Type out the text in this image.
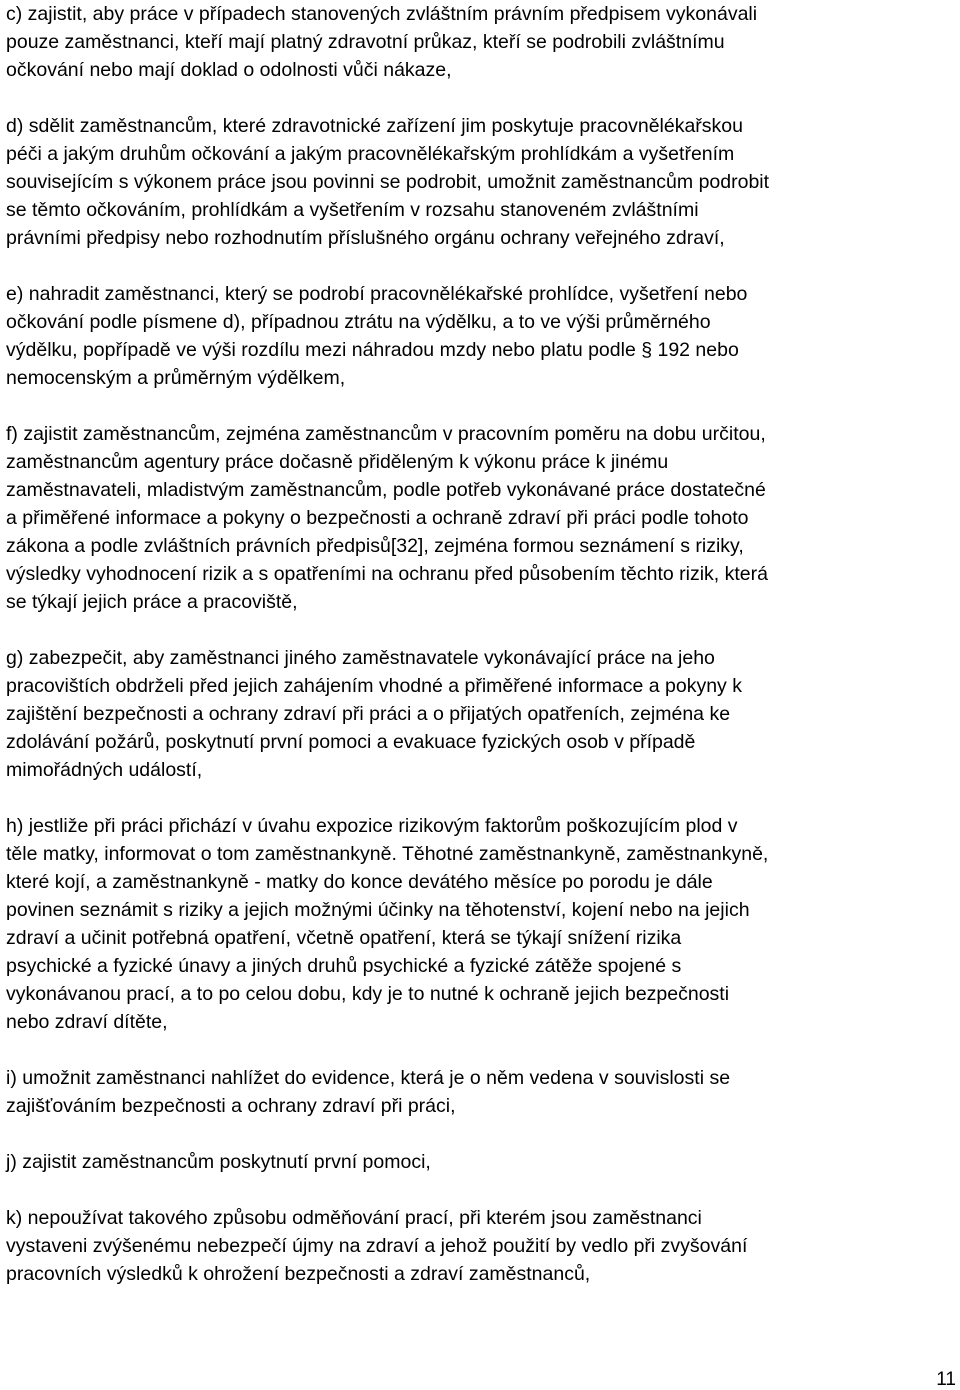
c) zajistit, aby práce v případech stanovených zvláštním právním předpisem vykonávali
pouze zaměstnanci, kteří mají platný zdravotní průkaz, kteří se podrobili zvláštnímu
očkování nebo mají doklad o odolnosti vůči nákaze,

d) sdělit zaměstnancům, které zdravotnické zařízení jim poskytuje pracovnělékařskou
péči a jakým druhům očkování a jakým pracovnělékařským prohlídkám a vyšetřením
souvisejícím s výkonem práce jsou povinni se podrobit, umožnit zaměstnancům podrobit
se těmto očkováním, prohlídkám a vyšetřením v rozsahu stanoveném zvláštními
právními předpisy nebo rozhodnutím příslušného orgánu ochrany veřejného zdraví,

e) nahradit zaměstnanci, který se podrobí pracovnělékařské prohlídce, vyšetření nebo
očkování podle písmene d), případnou ztrátu na výdělku, a to ve výši průměrného
výdělku, popřípadě ve výši rozdílu mezi náhradou mzdy nebo platu podle § 192 nebo
nemocenským a průměrným výdělkem,

f) zajistit zaměstnancům, zejména zaměstnancům v pracovním poměru na dobu určitou,
zaměstnancům agentury práce dočasně přiděleným k výkonu práce k jinému
zaměstnavateli, mladistvým zaměstnancům, podle potřeb vykonávané práce dostatečné
a přiměřené informace a pokyny o bezpečnosti a ochraně zdraví při práci podle tohoto
zákona a podle zvláštních právních předpisů[32], zejména formou seznámení s riziky,
výsledky vyhodnocení rizik a s opatřeními na ochranu před působením těchto rizik, která
se týkají jejich práce a pracoviště,

g) zabezpečit, aby zaměstnanci jiného zaměstnavatele vykonávající práce na jeho
pracovištích obdrželi před jejich zahájením vhodné a přiměřené informace a pokyny k
zajištění bezpečnosti a ochrany zdraví při práci a o přijatých opatřeních, zejména ke
zdolávání požárů, poskytnutí první pomoci a evakuace fyzických osob v případě
mimořádných událostí,

h) jestliže při práci přichází v úvahu expozice rizikovým faktorům poškozujícím plod v
těle matky, informovat o tom zaměstnankyně. Těhotné zaměstnankyně, zaměstnankyně,
které kojí, a zaměstnankyně - matky do konce devátého měsíce po porodu je dále
povinen seznámit s riziky a jejich možnými účinky na těhotenství, kojení nebo na jejich
zdraví a učinit potřebná opatření, včetně opatření, která se týkají snížení rizika
psychické a fyzické únavy a jiných druhů psychické a fyzické zátěže spojené s
vykonávanou prací, a to po celou dobu, kdy je to nutné k ochraně jejich bezpečnosti
nebo zdraví dítěte,

i) umožnit zaměstnanci nahlížet do evidence, která je o něm vedena v souvislosti se
zajišťováním bezpečnosti a ochrany zdraví při práci,

j) zajistit zaměstnancům poskytnutí první pomoci,

k) nepoužívat takového způsobu odměňování prací, při kterém jsou zaměstnanci
vystaveni zvýšenému nebezpečí újmy na zdraví a jehož použití by vedlo při zvyšování
pracovních výsledků k ohrožení bezpečnosti a zdraví zaměstnanců,

11
